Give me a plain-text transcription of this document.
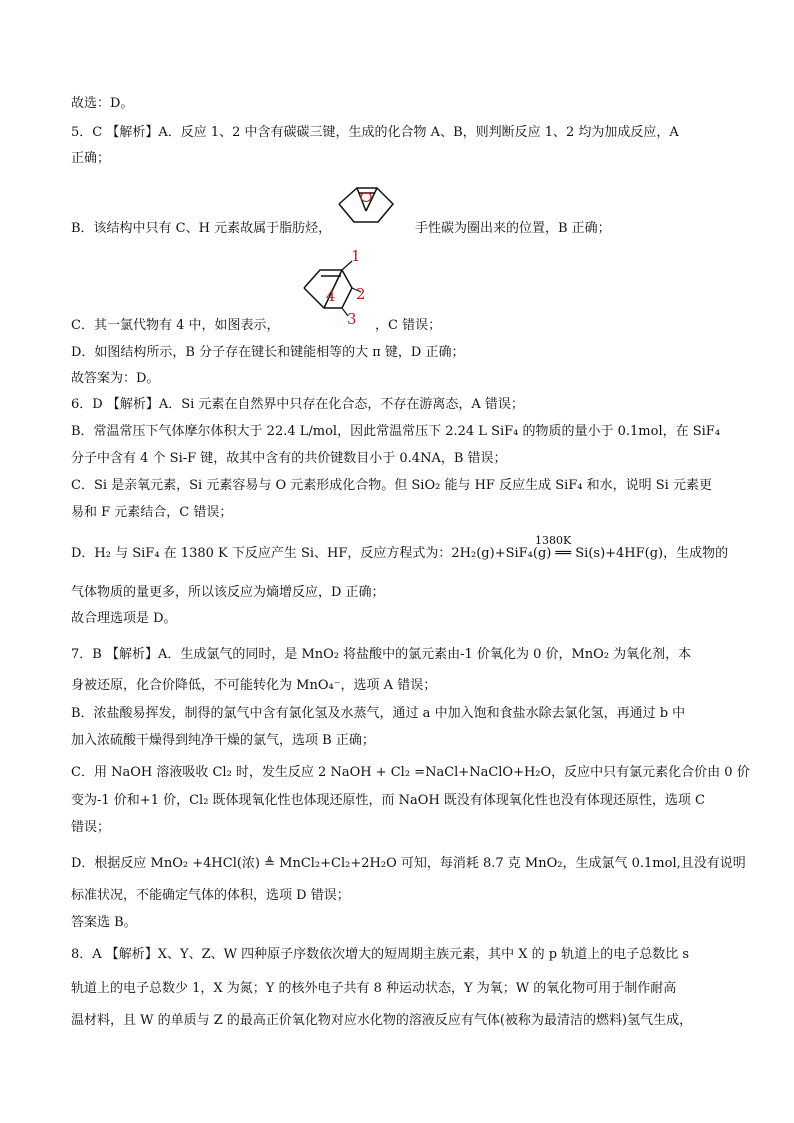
故选：D。
5．C 【解析】A．反应 1、2 中含有碳碳三键，生成的化合物 A、B，则判断反应 1、2 均为加成反应，A
正确；
B．该结构中只有 C、H 元素故属于脂肪烃，	手性碳为圈出来的位置，B 正确；
C．其一氯代物有 4 中，如图表示，
1
2
3
4
，C 错误；
D．如图结构所示，B 分子存在键长和键能相等的大 π 键，D 正确；
故答案为：D。
6．D 【解析】A．Si 元素在自然界中只存在化合态，不存在游离态，A 错误；
B．常温常压下气体摩尔体积大于 22.4 L/mol，因此常温常压下 2.24 L SiF₄ 的物质的量小于 0.1mol，在 SiF₄
分子中含有 4 个 Si-F 键，故其中含有的共价键数目小于 0.4NA，B 错误；
C．Si 是亲氧元素，Si 元素容易与 O 元素形成化合物。但 SiO₂ 能与 HF 反应生成 SiF₄ 和水，说明 Si 元素更
易和 F 元素结合，C 错误；
D．H₂ 与 SiF₄ 在 1380 K 下反应产生 Si、HF，反应方程式为：2H₂(g)+SiF₄(g) ══ Si(s)+4HF(g)，生成物的
1380K
气体物质的量更多，所以该反应为熵增反应，D 正确；
故合理选项是 D。
7．B 【解析】A．生成氯气的同时，是 MnO₂ 将盐酸中的氯元素由-1 价氧化为 0 价，MnO₂ 为氧化剂，本
身被还原，化合价降低，不可能转化为 MnO₄⁻，选项 A 错误；
B．浓盐酸易挥发，制得的氯气中含有氯化氢及水蒸气，通过 a 中加入饱和食盐水除去氯化氢，再通过 b 中
加入浓硫酸干燥得到纯净干燥的氯气，选项 B 正确；
C．用 NaOH 溶液吸收 Cl₂ 时，发生反应 2 NaOH + Cl₂ =NaCl+NaClO+H₂O，反应中只有氯元素化合价由 0 价
变为-1 价和+1 价，Cl₂ 既体现氧化性也体现还原性，而 NaOH 既没有体现氧化性也没有体现还原性，选项 C
错误；
D．根据反应 MnO₂ +4HCl(浓) ≜ MnCl₂+Cl₂+2H₂O 可知，每消耗 8.7 克 MnO₂，生成氯气 0.1mol,且没有说明
标准状况，不能确定气体的体积，选项 D 错误；
答案选 B。
8．A 【解析】X、Y、Z、W 四种原子序数依次增大的短周期主族元素，其中 X 的 p 轨道上的电子总数比 s
轨道上的电子总数少 1，X 为氮；Y 的核外电子共有 8 种运动状态，Y 为氧；W 的氧化物可用于制作耐高
温材料，且 W 的单质与 Z 的最高正价氧化物对应水化物的溶液反应有气体(被称为最清洁的燃料)氢气生成，
